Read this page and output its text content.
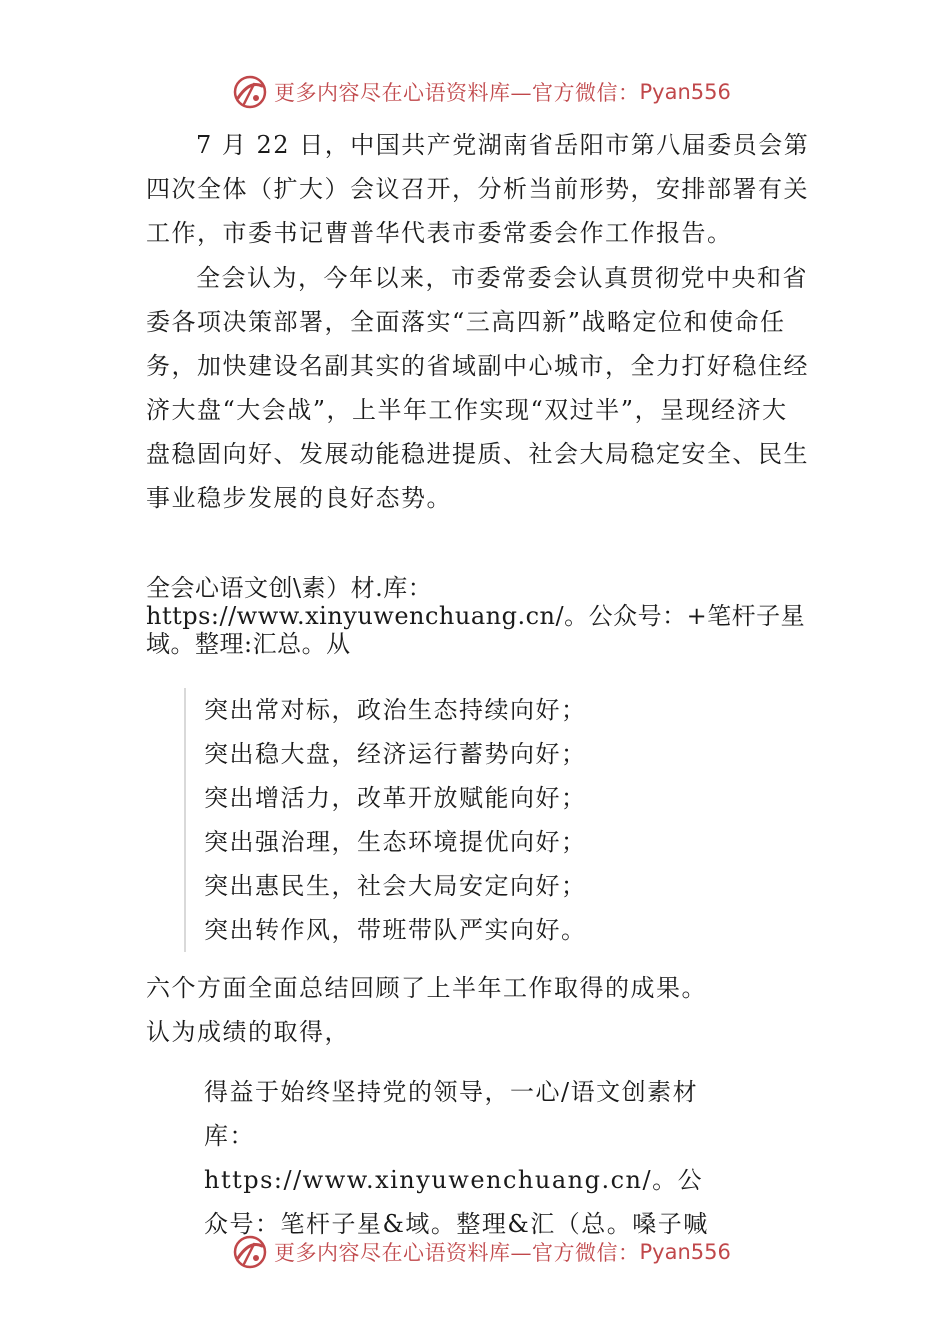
更多内容尽在心语资料库—官方微信： Pyan556

7 月 22 日，中国共产党湖南省岳阳市第八届委员会第四次全体（扩大）会议召开，分析当前形势，安排部署有关工作，市委书记曹普华代表市委常委会作工作报告。

全会认为，今年以来，市委常委会认真贯彻党中央和省委各项决策部署，全面落实“三高四新”战略定位和使命任务，加快建设名副其实的省域副中心城市，全力打好稳住经济大盘“大会战”，上半年工作实现“双过半”，呈现经济大盘稳固向好、发展动能稳进提质、社会大局稳定安全、民生事业稳步发展的良好态势。

全会心语文创\素）材.库：https://www.xinyuwenchuang.cn/。公众号：+笔杆子星域。整理:汇总。从

突出常对标，政治生态持续向好；
突出稳大盘，经济运行蓄势向好；
突出增活力，改革开放赋能向好；
突出强治理，生态环境提优向好；
突出惠民生，社会大局安定向好；
突出转作风，带班带队严实向好。
六个方面全面总结回顾了上半年工作取得的成果。
认为成绩的取得，

得益于始终坚持党的领导，一心/语文创素材库：https://www.xinyuwenchuang.cn/。公众号：笔杆子星&域。整理&汇（总。嗓子喊

更多内容尽在心语资料库—官方微信： Pyan556
